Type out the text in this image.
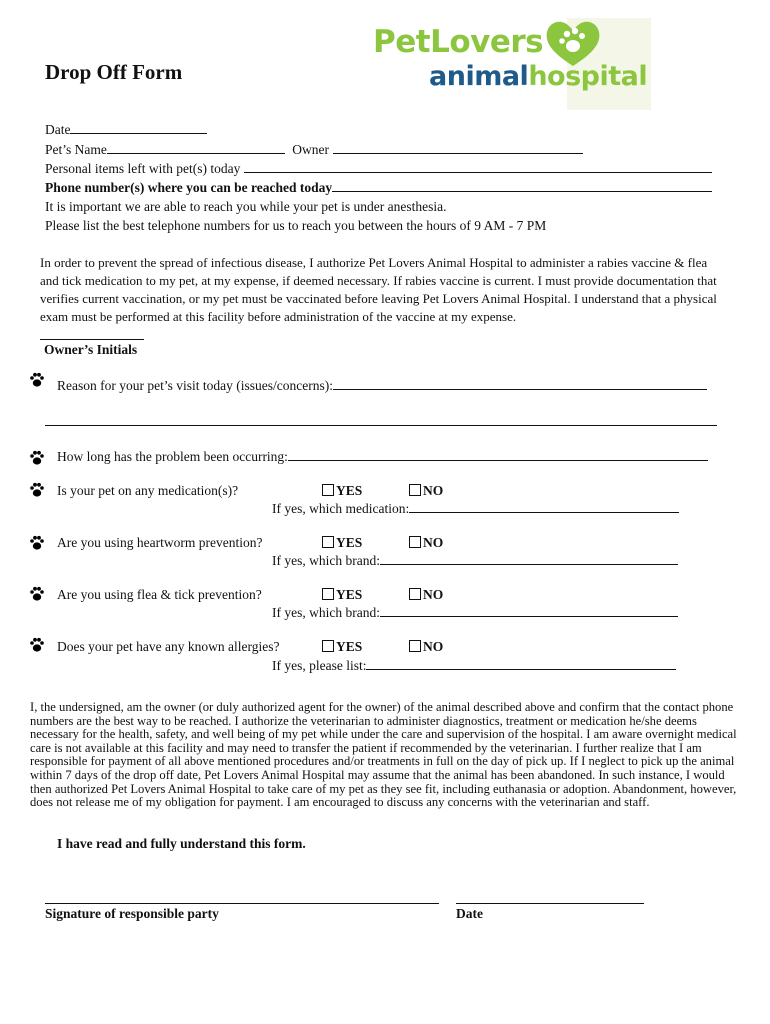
PetLovers
animalhospital
Drop Off Form
Date
Pet’s Name	Owner
Personal items left with pet(s) today
Phone number(s) where you can be reached today
It is important we are able to reach you while your pet is under anesthesia.
Please list the best telephone numbers for us to reach you between the hours of 9 AM - 7 PM
In order to prevent the spread of infectious disease, I authorize Pet Lovers Animal Hospital to administer a rabies vaccine & flea and tick medication to my pet, at my expense, if deemed necessary. If rabies vaccine is current. I must provide documentation that verifies current vaccination, or my pet must be vaccinated before leaving Pet Lovers Animal Hospital. I understand that a physical exam must be performed at this facility before administration of the vaccine at my expense.
Owner’s Initials
Reason for your pet’s visit today (issues/concerns):
How long has the problem been occurring:
Is your pet on any medication(s)?	YES	NO
If yes, which medication:
Are you using heartworm prevention?	YES	NO
If yes, which brand:
Are you using flea & tick prevention?	YES	NO
If yes, which brand:
Does your pet have any known allergies?	YES	NO
If yes, please list:
I, the undersigned, am the owner (or duly authorized agent for the owner) of the animal described above and confirm that the contact phone numbers are the best way to be reached. I authorize the veterinarian to administer diagnostics, treatment or medication he/she deems necessary for the health, safety, and well being of my pet while under the care and supervision of the hospital. I am aware overnight medical care is not available at this facility and may need to transfer the patient if recommended by the veterinarian. I further realize that I am responsible for payment of all above mentioned procedures and/or treatments in full on the day of pick up. If I neglect to pick up the animal within 7 days of the drop off date, Pet Lovers Animal Hospital may assume that the animal has been abandoned. In such instance, I would then authorized Pet Lovers Animal Hospital to take care of my pet as they see fit, including euthanasia or adoption. Abandonment, however, does not release me of my obligation for payment. I am encouraged to discuss any concerns with the veterinarian and staff.
I have read and fully understand this form.
Signature of responsible party	Date
